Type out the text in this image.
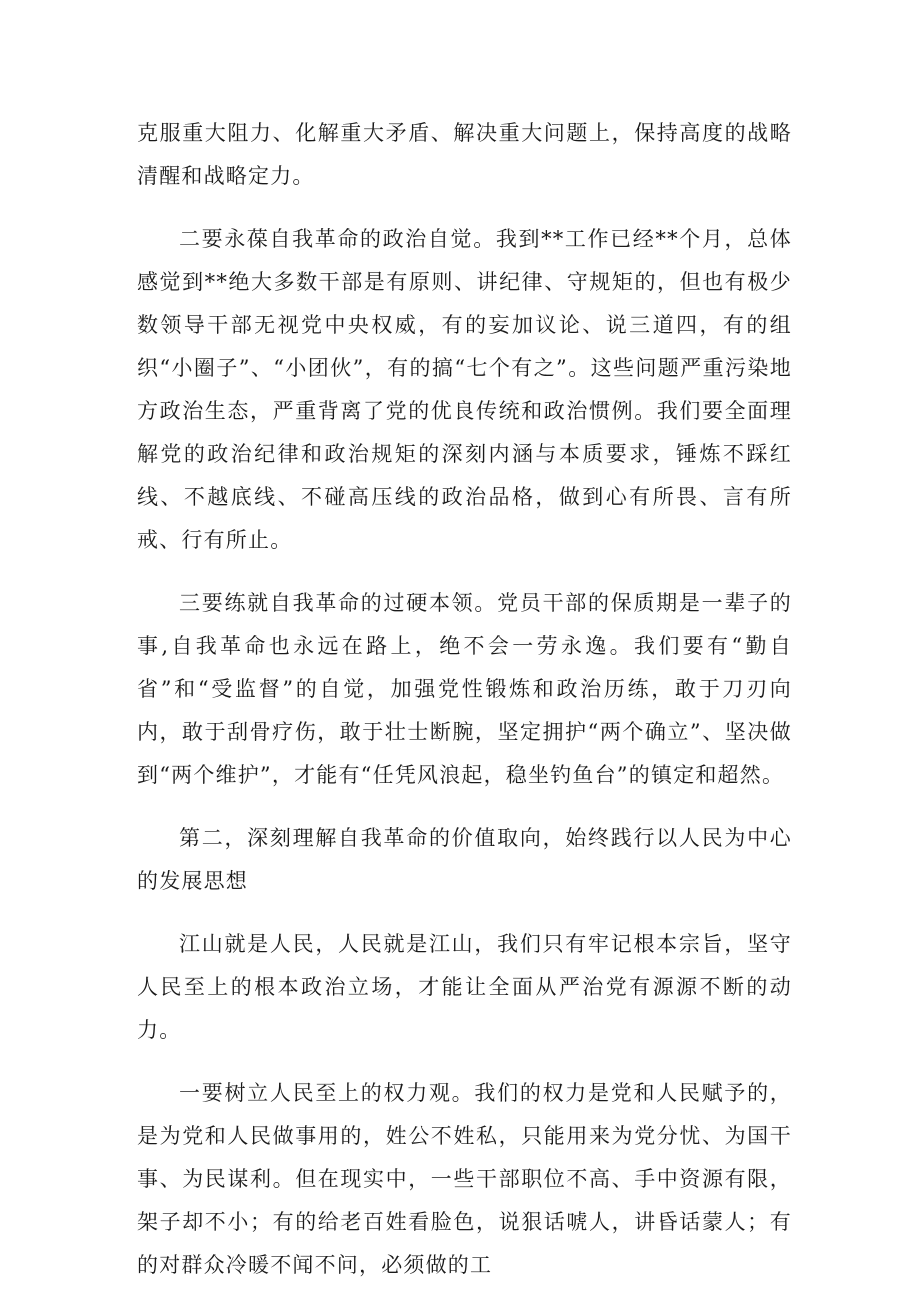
克服重大阻力、化解重大矛盾、解决重大问题上，保持高度的战略清醒和战略定力。

二要永葆自我革命的政治自觉。我到**工作已经**个月，总体感觉到**绝大多数干部是有原则、讲纪律、守规矩的，但也有极少数领导干部无视党中央权威，有的妄加议论、说三道四，有的组织“小圈子”、“小团伙”，有的搞“七个有之”。这些问题严重污染地方政治生态，严重背离了党的优良传统和政治惯例。我们要全面理解党的政治纪律和政治规矩的深刻内涵与本质要求，锤炼不踩红线、不越底线、不碰高压线的政治品格，做到心有所畏、言有所戒、行有所止。

三要练就自我革命的过硬本领。党员干部的保质期是一辈子的事,自我革命也永远在路上，绝不会一劳永逸。我们要有“勤自省”和“受监督”的自觉，加强党性锻炼和政治历练，敢于刀刃向内，敢于刮骨疗伤，敢于壮士断腕，坚定拥护“两个确立”、坚决做到“两个维护”，才能有“任凭风浪起，稳坐钓鱼台”的镇定和超然。

第二，深刻理解自我革命的价值取向，始终践行以人民为中心的发展思想

江山就是人民，人民就是江山，我们只有牢记根本宗旨，坚守人民至上的根本政治立场，才能让全面从严治党有源源不断的动力。

一要树立人民至上的权力观。我们的权力是党和人民赋予的，是为党和人民做事用的，姓公不姓私，只能用来为党分忧、为国干事、为民谋利。但在现实中，一些干部职位不高、手中资源有限，架子却不小；有的给老百姓看脸色，说狠话唬人，讲昏话蒙人；有的对群众冷暖不闻不问，必须做的工
